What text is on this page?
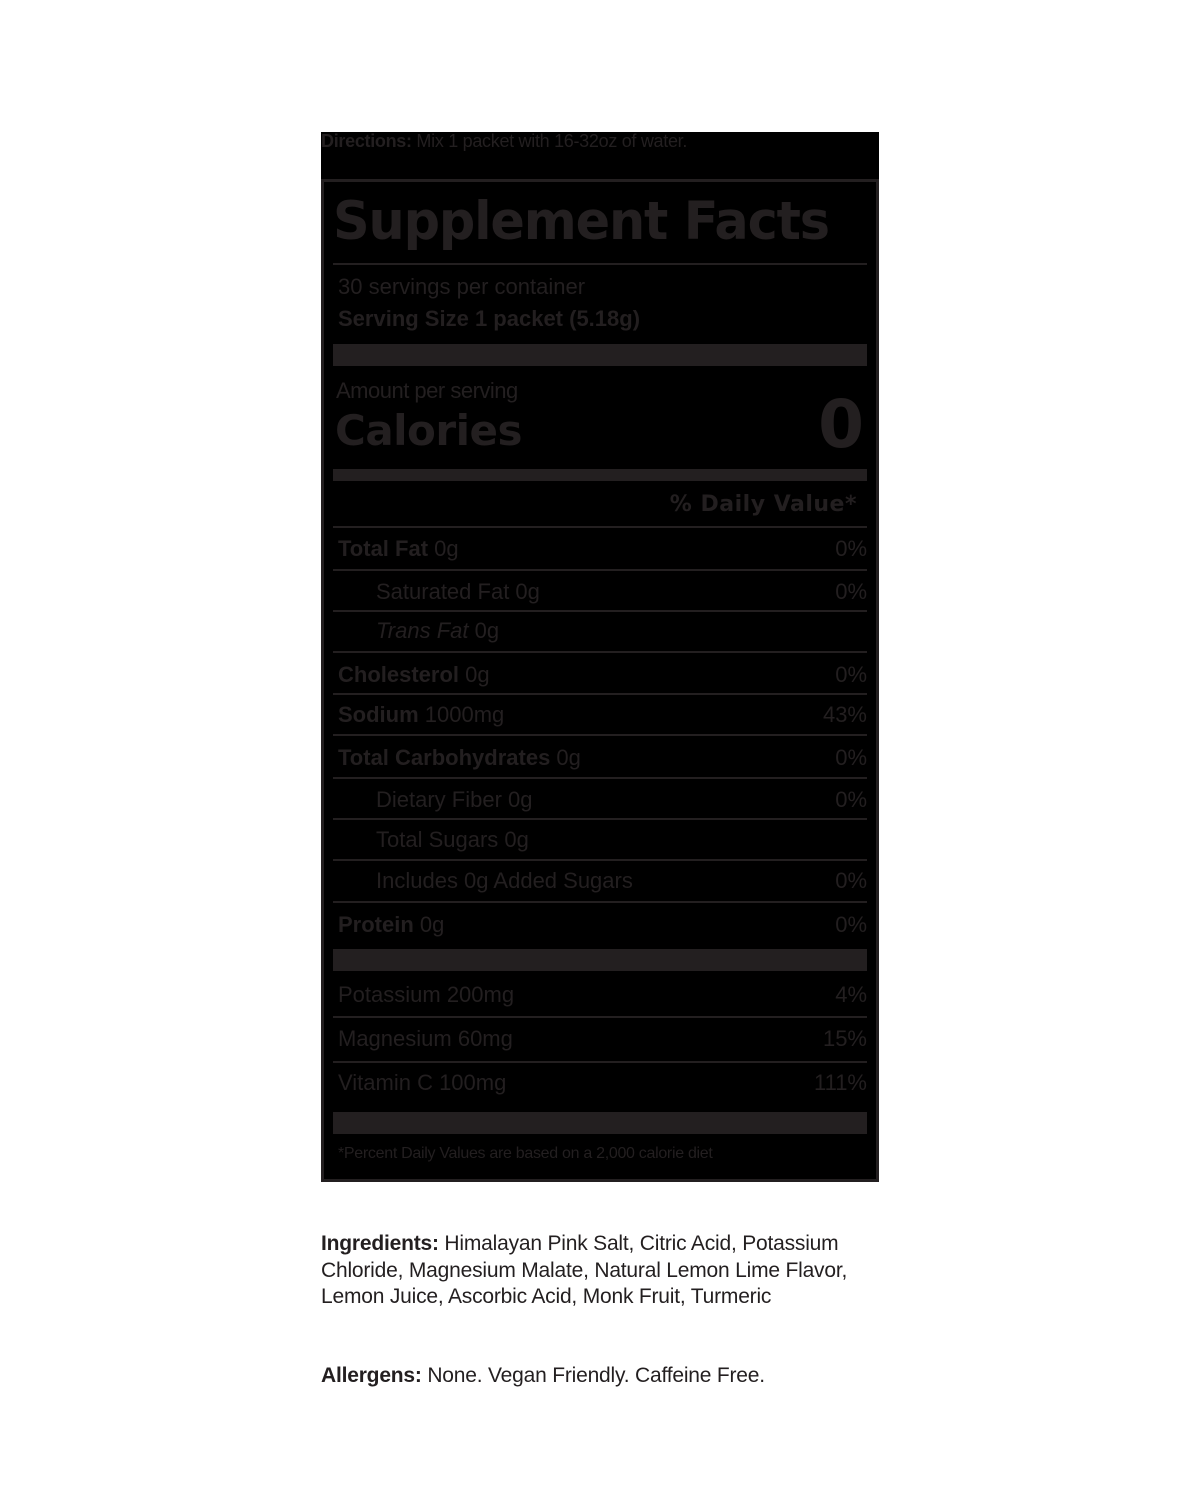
Directions: Mix 1 packet with 16-32oz of water.
Supplement Facts
30 servings per container
Serving Size 1 packet (5.18g)
Amount per serving
Calories	0
% Daily Value*
Total Fat 0g	0%
Saturated Fat 0g	0%
Trans Fat 0g
Cholesterol 0g	0%
Sodium 1000mg	43%
Total Carbohydrates 0g	0%
Dietary Fiber 0g	0%
Total Sugars 0g
Includes 0g Added Sugars	0%
Protein 0g	0%
Potassium 200mg	4%
Magnesium 60mg	15%
Vitamin C 100mg	111%
*Percent Daily Values are based on a 2,000 calorie diet
Ingredients: Himalayan Pink Salt, Citric Acid, Potassium Chloride, Magnesium Malate, Natural Lemon Lime Flavor, Lemon Juice, Ascorbic Acid, Monk Fruit, Turmeric
Allergens: None. Vegan Friendly. Caffeine Free.
